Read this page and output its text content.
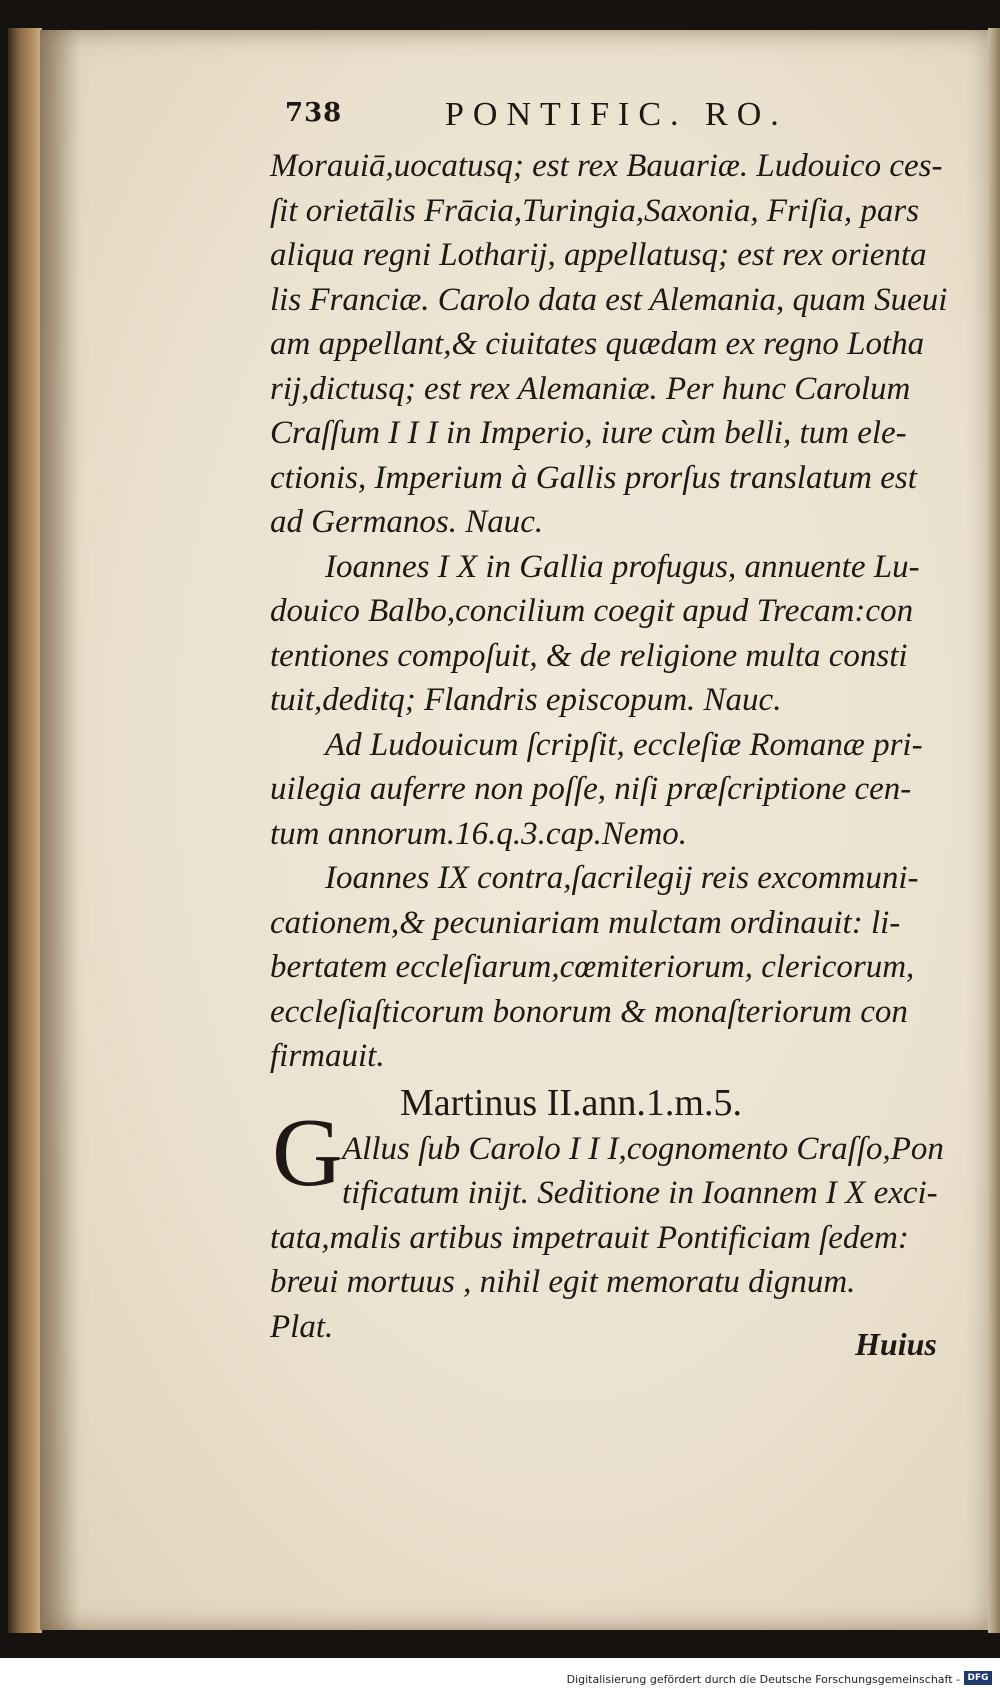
738	PONTIFIC. RO.
Morauiā,uocatusq; est rex Bauariæ. Ludouico ces-
ſit orietālis Frācia,Turingia,Saxonia, Friſia, pars
aliqua regni Lotharij, appellatusq; est rex orienta
lis Franciæ. Carolo data est Alemania, quam Sueui
am appellant,& ciuitates quædam ex regno Lotha
rij,dictusq; est rex Alemaniæ. Per hunc Carolum
Craſſum I I I in Imperio, iure cùm belli, tum ele-
ctionis, Imperium à Gallis prorſus translatum est
ad Germanos. Nauc.
Ioannes I X in Gallia profugus, annuente Lu-
douico Balbo,concilium coegit apud Trecam:con
tentiones compoſuit, & de religione multa consti
tuit,deditq; Flandris episcopum. Nauc.
Ad Ludouicum ſcripſit, eccleſiæ Romanæ pri-
uilegia auferre non poſſe, niſi præſcriptione cen-
tum annorum.16.q.3.cap.Nemo.
Ioannes IX contra,ſacrilegij reis excommuni-
cationem,& pecuniariam mulctam ordinauit: li-
bertatem eccleſiarum,cœmiteriorum, clericorum,
eccleſiaſticorum bonorum & monaſteriorum con
firmauit.
Martinus II.ann.1.m.5.
Allus ſub Carolo I I I,cognomento Craſſo,Pon
tificatum inijt. Seditione in Ioannem I X exci-
tata,malis artibus impetrauit Pontificiam ſedem:
breui mortuus , nihil egit memoratu dignum.
Plat.
G
Huius
Digitalisierung gefördert durch die Deutsche Forschungsgemeinschaft - DFG
